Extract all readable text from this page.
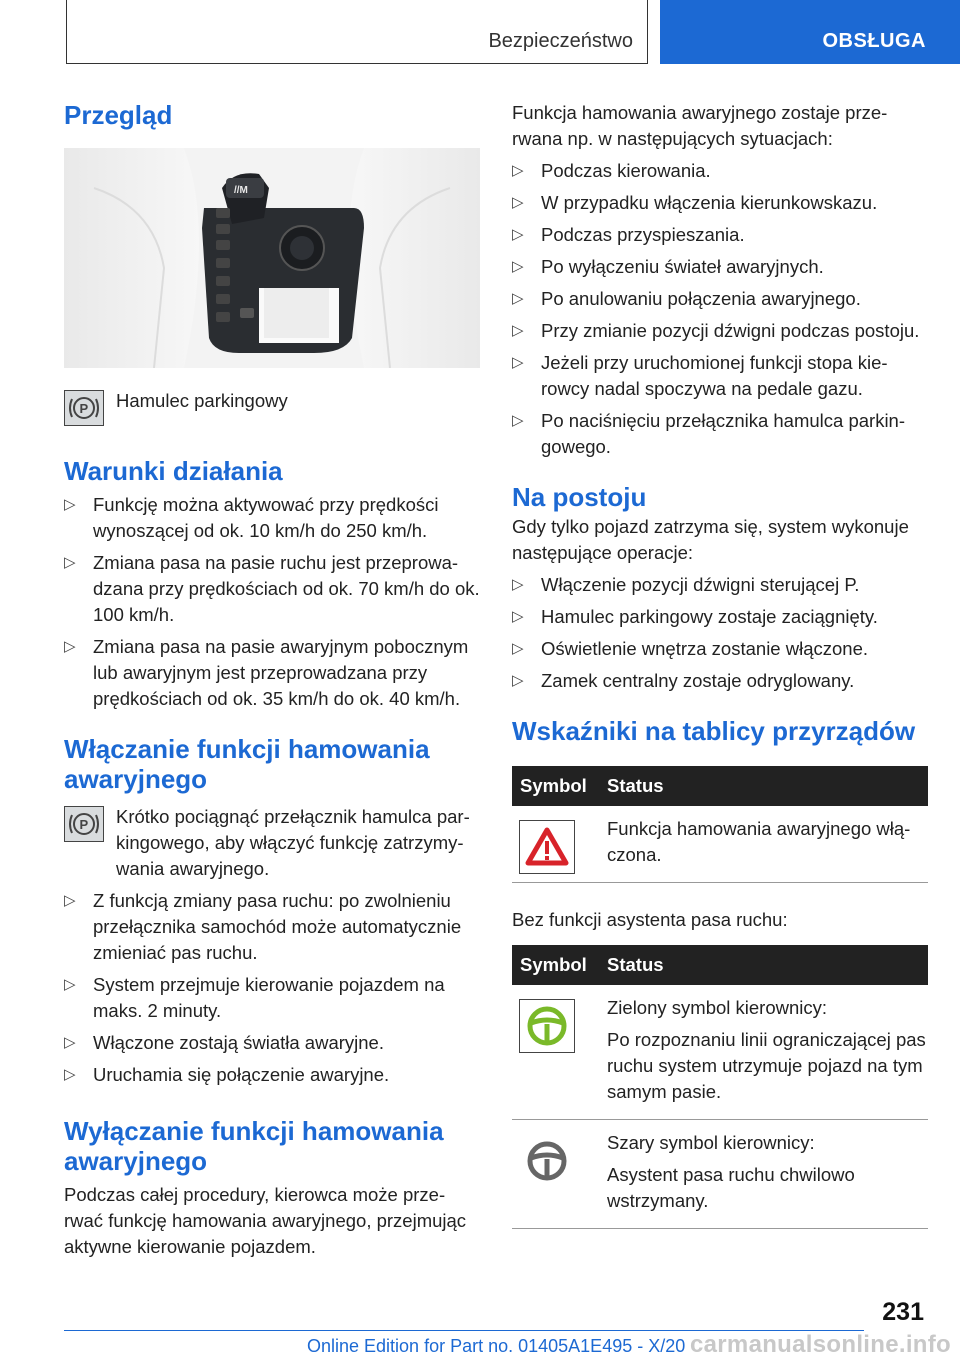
Bezpieczeństwo	OBSŁUGA
Przegląd
//M
P	Hamulec parkingowy

Warunki działania
▷ Funkcję można aktywować przy prędkości wynoszącej od ok. 10 km/h do 250 km/h.
▷ Zmiana pasa na pasie ruchu jest przeprowa-dzana przy prędkościach od ok. 70 km/h do ok. 100 km/h.
▷ Zmiana pasa na pasie awaryjnym pobocznym lub awaryjnym jest przeprowadzana przy prędkościach od ok. 35 km/h do ok. 40 km/h.
Włączanie funkcji hamowania awaryjnego
P	Krótko pociągnąć przełącznik hamulca par-kingowego, aby włączyć funkcję zatrzymy-wania awaryjnego.

▷ Z funkcją zmiany pasa ruchu: po zwolnieniu przełącznika samochód może automatycznie zmieniać pas ruchu.
▷ System przejmuje kierowanie pojazdem na maks. 2 minuty.
▷ Włączone zostają światła awaryjne.
▷ Uruchamia się połączenie awaryjne.
Wyłączanie funkcji hamowania awaryjnego

Podczas całej procedury, kierowca może prze-rwać funkcję hamowania awaryjnego, przejmując aktywne kierowanie pojazdem.

Funkcja hamowania awaryjnego zostaje prze-rwana np. w następujących sytuacjach:

▷ Podczas kierowania.
▷ W przypadku włączenia kierunkowskazu.
▷ Podczas przyspieszania.
▷ Po wyłączeniu świateł awaryjnych.
▷ Po anulowaniu połączenia awaryjnego.
▷ Przy zmianie pozycji dźwigni podczas postoju.
▷ Jeżeli przy uruchomionej funkcji stopa kie-rowcy nadal spoczywa na pedale gazu.
▷ Po naciśnięciu przełącznika hamulca parkin-gowego.
Na postoju

Gdy tylko pojazd zatrzyma się, system wykonuje następujące operacje:

▷ Włączenie pozycji dźwigni sterującej P.
▷ Hamulec parkingowy zostaje zaciągnięty.
▷ Oświetlenie wnętrza zostanie włączone.
▷ Zamek centralny zostaje odryglowany.
Wskaźniki na tablicy przyrządów
Symbol Status

Funkcja hamowania awaryjnego włą-czona.

Bez funkcji asystenta pasa ruchu:

Symbol Status

Zielony symbol kierownicy:

Po rozpoznaniu linii ograniczającej pas ruchu system utrzymuje pojazd na tym samym pasie.

Szary symbol kierownicy:

Asystent pasa ruchu chwilowo wstrzymany.

231
Online Edition for Part no. 01405A1E495 - X/20 carmanualsonline.info
